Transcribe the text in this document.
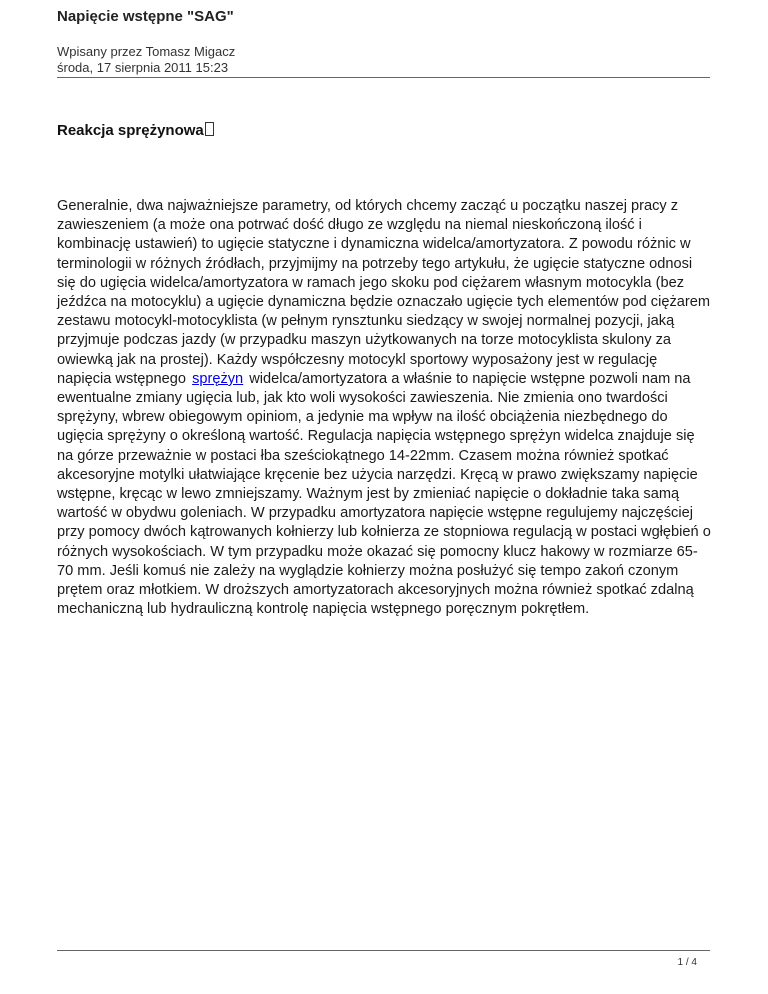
Napięcie wstępne "SAG"
Wpisany przez Tomasz Migacz
środa, 17 sierpnia 2011 15:23
Reakcja sprężynowa

Generalnie, dwa najważniejsze parametry, od których chcemy zacząć u początku naszej pracy z zawieszeniem (a może ona potrwać dość długo ze względu na niemal nieskończoną ilość i kombinację ustawień) to ugięcie statyczne i dynamiczna widelca/amortyzatora. Z powodu różnic w terminologii w różnych źródłach, przyjmijmy na potrzeby tego artykułu, że ugięcie statyczne odnosi się do ugięcia widelca/amortyzatora w ramach jego skoku pod ciężarem własnym motocykla (bez jeźdźca na motocyklu) a ugięcie dynamiczna będzie oznaczało ugięcie tych elementów pod ciężarem zestawu motocykl-motocyklista (w pełnym rynsztunku siedzący w swojej normalnej pozycji, jaką przyjmuje podczas jazdy (w przypadku maszyn użytkowanych na torze motocyklista skulony za owiewką jak na prostej). Każdy współczesny motocykl sportowy wyposażony jest w regulację napięcia wstępnego sprężyn widelca/amortyzatora a właśnie to napięcie wstępne pozwoli nam na ewentualne zmiany ugięcia lub, jak kto woli wysokości zawieszenia. Nie zmienia ono twardości sprężyny, wbrew obiegowym opiniom, a jedynie ma wpływ na ilość obciążenia niezbędnego do ugięcia sprężyny o określoną wartość. Regulacja napięcia wstępnego sprężyn widelca znajduje się na górze przeważnie w postaci łba sześciokątnego 14-22mm. Czasem można również spotkać akcesoryjne motylki ułatwiające kręcenie bez użycia narzędzi. Kręcą w prawo zwiększamy napięcie wstępne, kręcąc w lewo zmniejszamy. Ważnym jest by zmieniać napięcie o dokładnie taka samą wartość w obydwu goleniach. W przypadku amortyzatora napięcie wstępne regulujemy najczęściej przy pomocy dwóch kątrowanych kołnierzy lub kołnierza ze stopniowa regulacją w postaci wgłębień o różnych wysokościach. W tym przypadku może okazać się pomocny klucz hakowy w rozmiarze 65-70 mm. Jeśli komuś nie zależy na wyglądzie kołnierzy można posłużyć się tempo zakoń czonym prętem oraz młotkiem. W droższych amortyzatorach akcesoryjnych można również spotkać zdalną mechaniczną lub hydrauliczną kontrolę napięcia wstępnego poręcznym pokrętłem.

1 / 4
